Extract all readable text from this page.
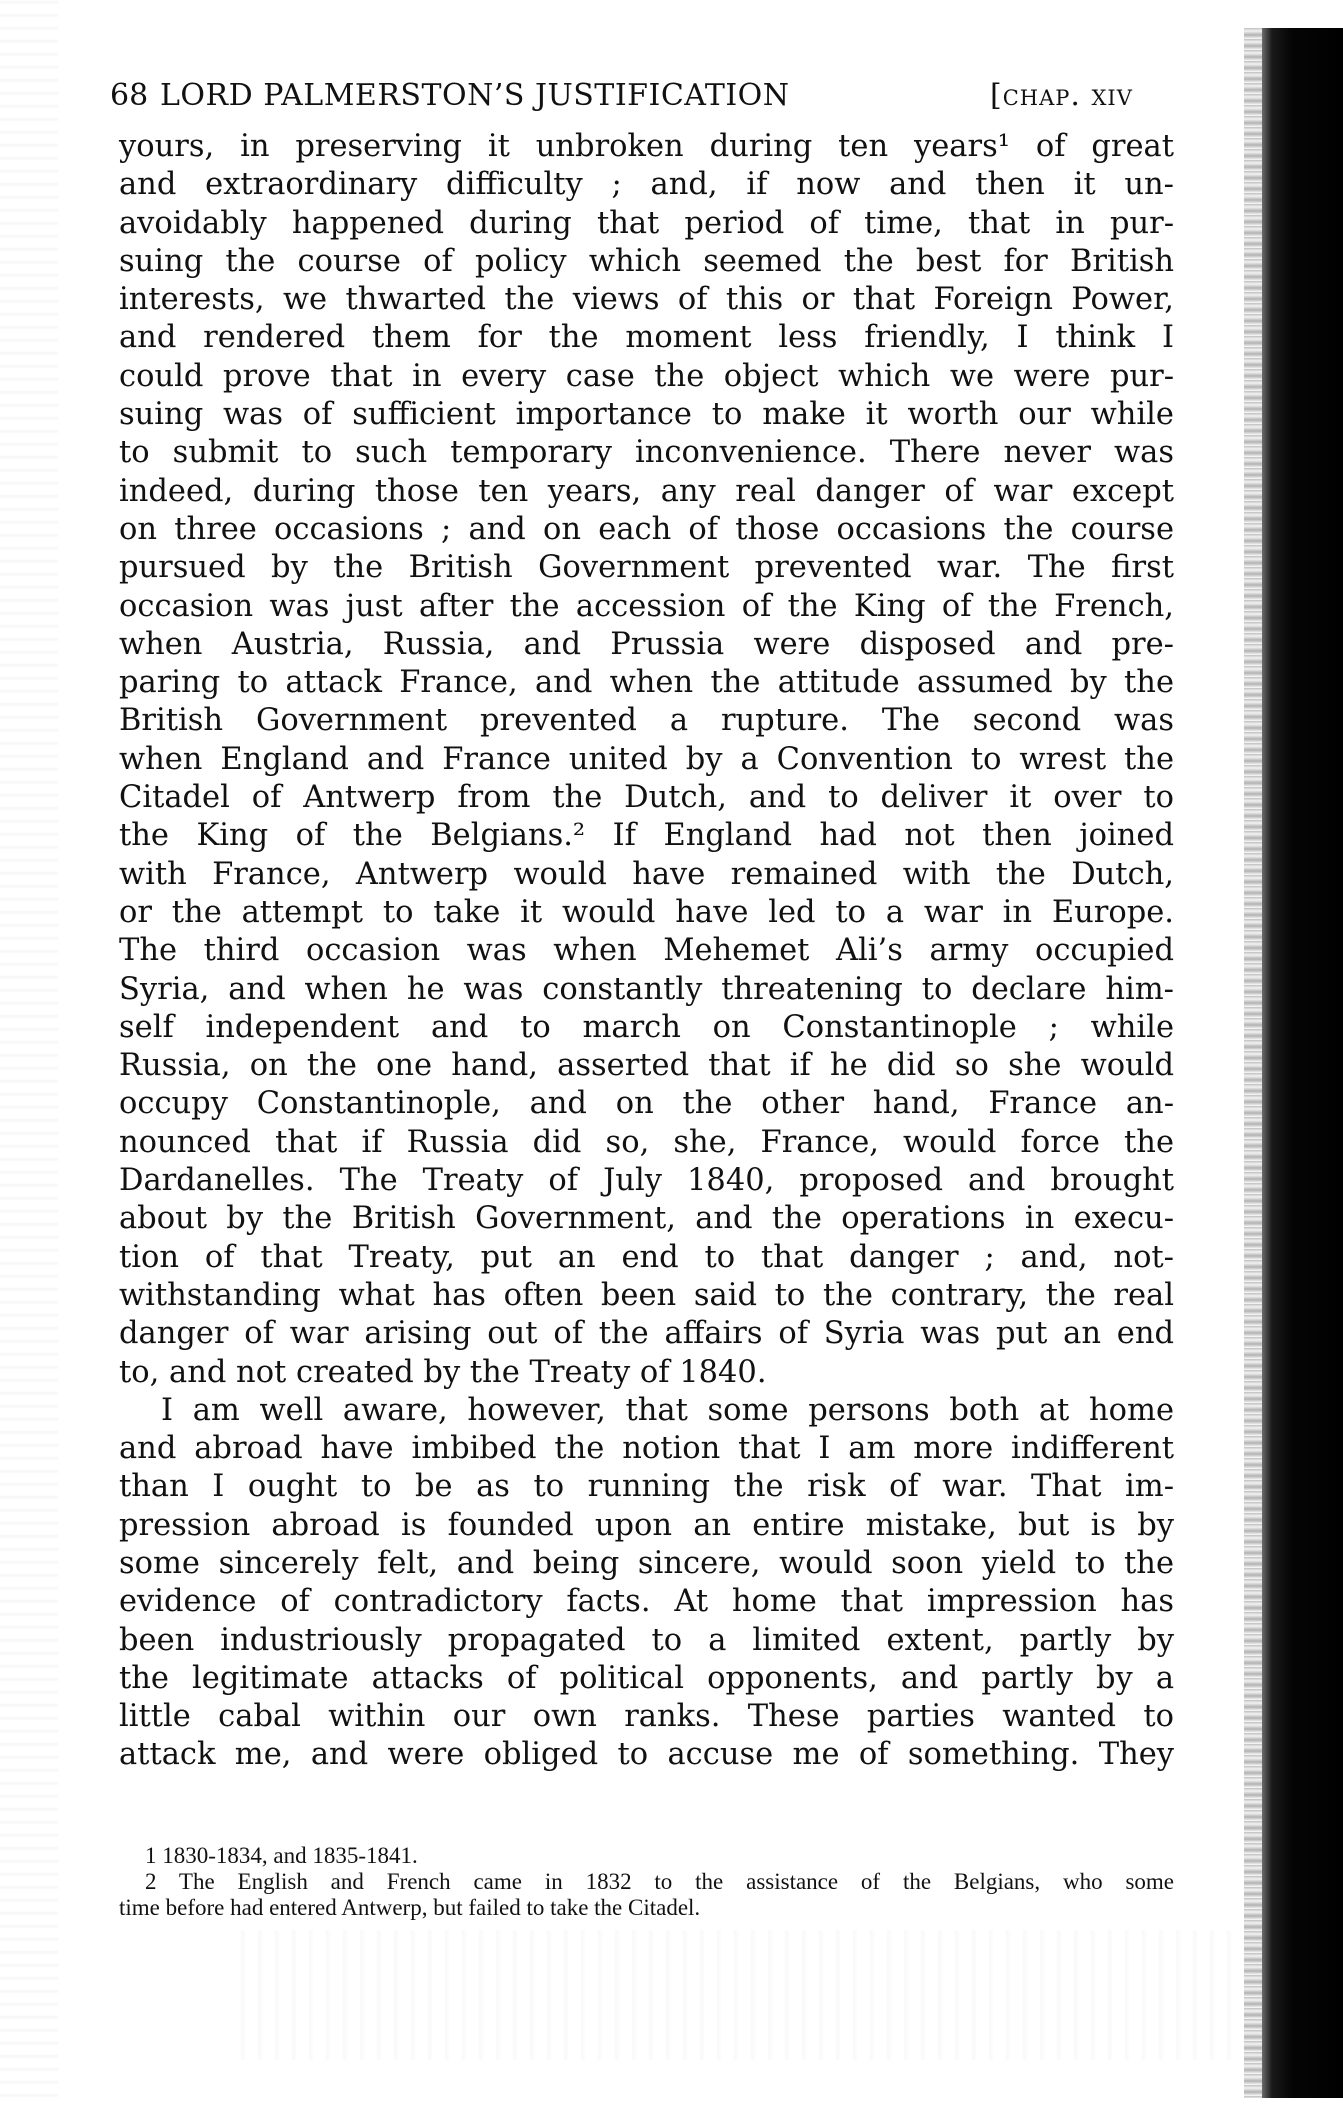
68 LORD PALMERSTON’S JUSTIFICATION	[chap. xiv
yours, in preserving it unbroken during ten years¹ of great
and extraordinary difficulty ; and, if now and then it un-
avoidably happened during that period of time, that in pur-
suing the course of policy which seemed the best for British
interests, we thwarted the views of this or that Foreign Power,
and rendered them for the moment less friendly, I think I
could prove that in every case the object which we were pur-
suing was of sufficient importance to make it worth our while
to submit to such temporary inconvenience. There never was
indeed, during those ten years, any real danger of war except
on three occasions ; and on each of those occasions the course
pursued by the British Government prevented war. The first
occasion was just after the accession of the King of the French,
when Austria, Russia, and Prussia were disposed and pre-
paring to attack France, and when the attitude assumed by the
British Government prevented a rupture. The second was
when England and France united by a Convention to wrest the
Citadel of Antwerp from the Dutch, and to deliver it over to
the King of the Belgians.² If England had not then joined
with France, Antwerp would have remained with the Dutch,
or the attempt to take it would have led to a war in Europe.
The third occasion was when Mehemet Ali’s army occupied
Syria, and when he was constantly threatening to declare him-
self independent and to march on Constantinople ; while
Russia, on the one hand, asserted that if he did so she would
occupy Constantinople, and on the other hand, France an-
nounced that if Russia did so, she, France, would force the
Dardanelles. The Treaty of July 1840, proposed and brought
about by the British Government, and the operations in execu-
tion of that Treaty, put an end to that danger ; and, not-
withstanding what has often been said to the contrary, the real
danger of war arising out of the affairs of Syria was put an end
to, and not created by the Treaty of 1840.
I am well aware, however, that some persons both at home
and abroad have imbibed the notion that I am more indifferent
than I ought to be as to running the risk of war. That im-
pression abroad is founded upon an entire mistake, but is by
some sincerely felt, and being sincere, would soon yield to the
evidence of contradictory facts. At home that impression has
been industriously propagated to a limited extent, partly by
the legitimate attacks of political opponents, and partly by a
little cabal within our own ranks. These parties wanted to
attack me, and were obliged to accuse me of something. They
1 1830-1834, and 1835-1841.
2 The English and French came in 1832 to the assistance of the Belgians, who some
time before had entered Antwerp, but failed to take the Citadel.
